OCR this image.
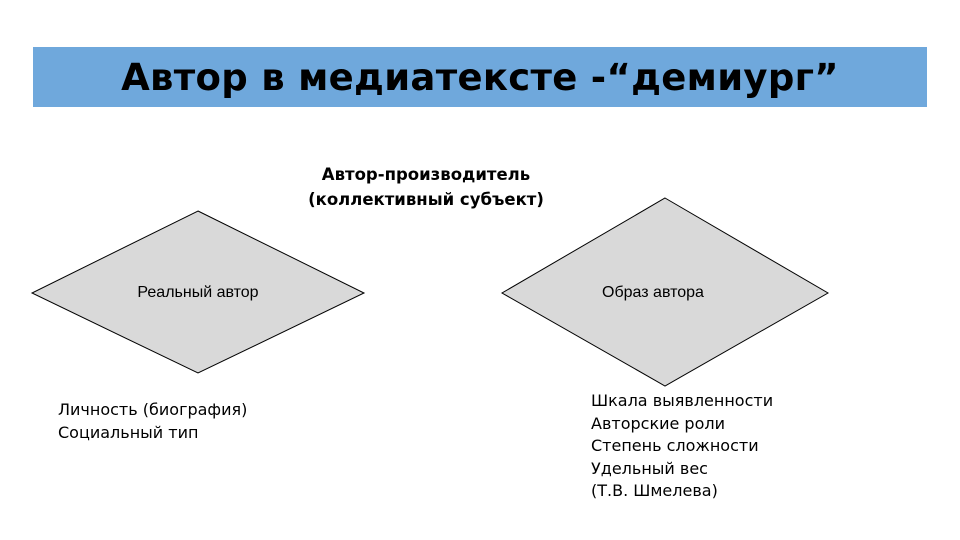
Автор в медиатексте -“демиург”
Автор-производитель
(коллективный субъект)
Реальный автор	Образ автора
Личность (биография)
Социальный тип
Шкала выявленности
Авторские роли
Степень сложности
Удельный вес
(Т.В. Шмелева)
